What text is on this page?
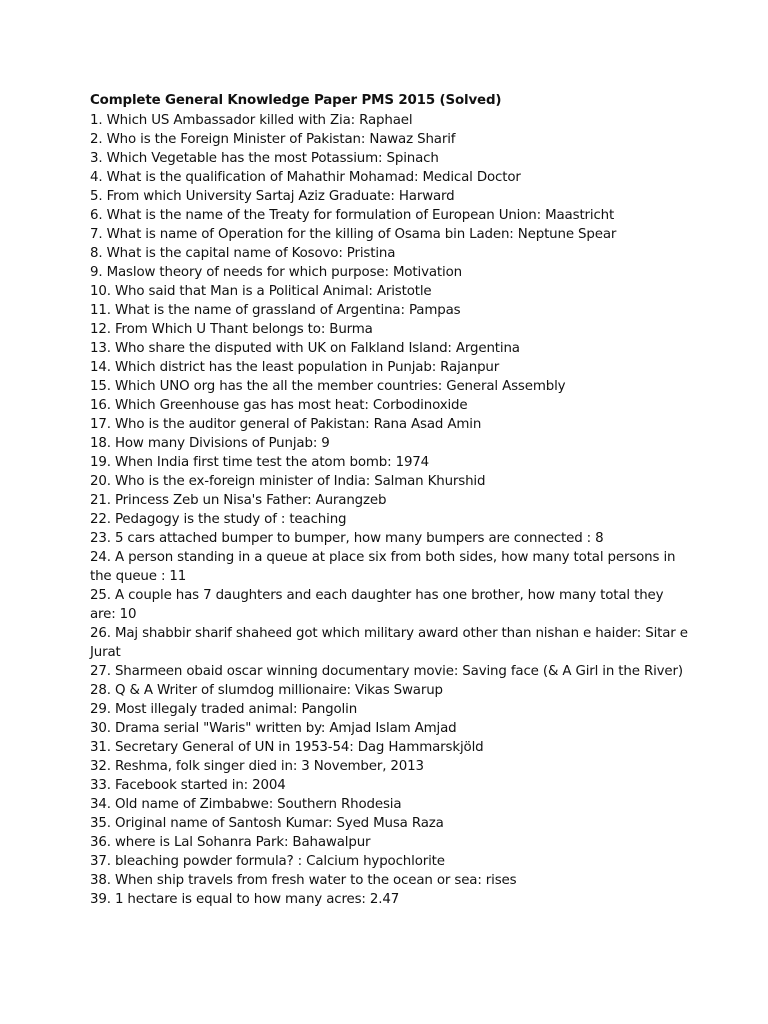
Complete General Knowledge Paper PMS 2015 (Solved)

1. Which US Ambassador killed with Zia: Raphael
2. Who is the Foreign Minister of Pakistan: Nawaz Sharif
3. Which Vegetable has the most Potassium: Spinach
4. What is the qualification of Mahathir Mohamad: Medical Doctor
5. From which University Sartaj Aziz Graduate: Harward
6. What is the name of the Treaty for formulation of European Union: Maastricht
7. What is name of Operation for the killing of Osama bin Laden: Neptune Spear
8. What is the capital name of Kosovo: Pristina
9. Maslow theory of needs for which purpose: Motivation
10. Who said that Man is a Political Animal: Aristotle
11. What is the name of grassland of Argentina: Pampas
12. From Which U Thant belongs to: Burma
13. Who share the disputed with UK on Falkland Island: Argentina
14. Which district has the least population in Punjab: Rajanpur
15. Which UNO org has the all the member countries: General Assembly
16. Which Greenhouse gas has most heat: Corbodinoxide
17. Who is the auditor general of Pakistan: Rana Asad Amin
18. How many Divisions of Punjab: 9
19. When India first time test the atom bomb: 1974
20. Who is the ex-foreign minister of India: Salman Khurshid
21. Princess Zeb un Nisa's Father: Aurangzeb
22. Pedagogy is the study of : teaching
23. 5 cars attached bumper to bumper, how many bumpers are connected : 8
24. A person standing in a queue at place six from both sides, how many total persons in the queue : 11
25. A couple has 7 daughters and each daughter has one brother, how many total they are: 10
26. Maj shabbir sharif shaheed got which military award other than nishan e haider: Sitar e Jurat
27. Sharmeen obaid oscar winning documentary movie: Saving face (& A Girl in the River)
28. Q & A Writer of slumdog millionaire: Vikas Swarup
29. Most illegaly traded animal: Pangolin
30. Drama serial "Waris" written by: Amjad Islam Amjad
31. Secretary General of UN in 1953-54: Dag Hammarskjöld
32. Reshma, folk singer died in: 3 November, 2013
33. Facebook started in: 2004
34. Old name of Zimbabwe: Southern Rhodesia
35. Original name of Santosh Kumar: Syed Musa Raza
36. where is Lal Sohanra Park: Bahawalpur
37. bleaching powder formula? : Calcium hypochlorite
38. When ship travels from fresh water to the ocean or sea: rises
39. 1 hectare is equal to how many acres: 2.47
